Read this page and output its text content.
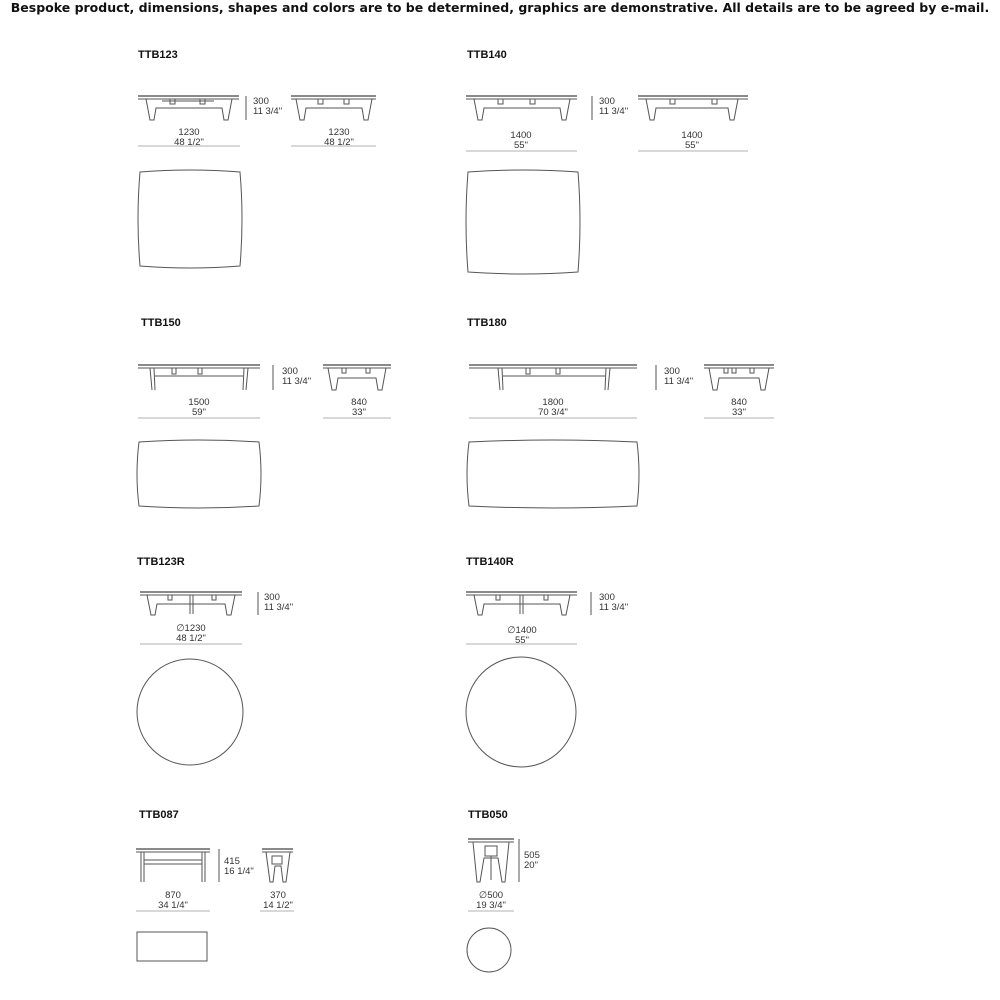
Bespoke product, dimensions, shapes and colors are to be determined, graphics are demonstrative. All details are to be agreed by e-mail.
TTB123	TTB140
TTB150	TTB180
TTB123R	TTB140R
TTB087	TTB050
300
11 3/4"
1230
48 1/2"
1230
48 1/2"
300
11 3/4"
1400
55"
1400
55"
300
11 3/4"
1500
59"
840
33"
300
11 3/4"
1800
70 3/4"
840
33"
300
11 3/4"
∅1230
48 1/2"
300
11 3/4"
∅1400
55"
415
16 1/4"
870
34 1/4"
370
14 1/2"
505
20"
∅500
19 3/4"
